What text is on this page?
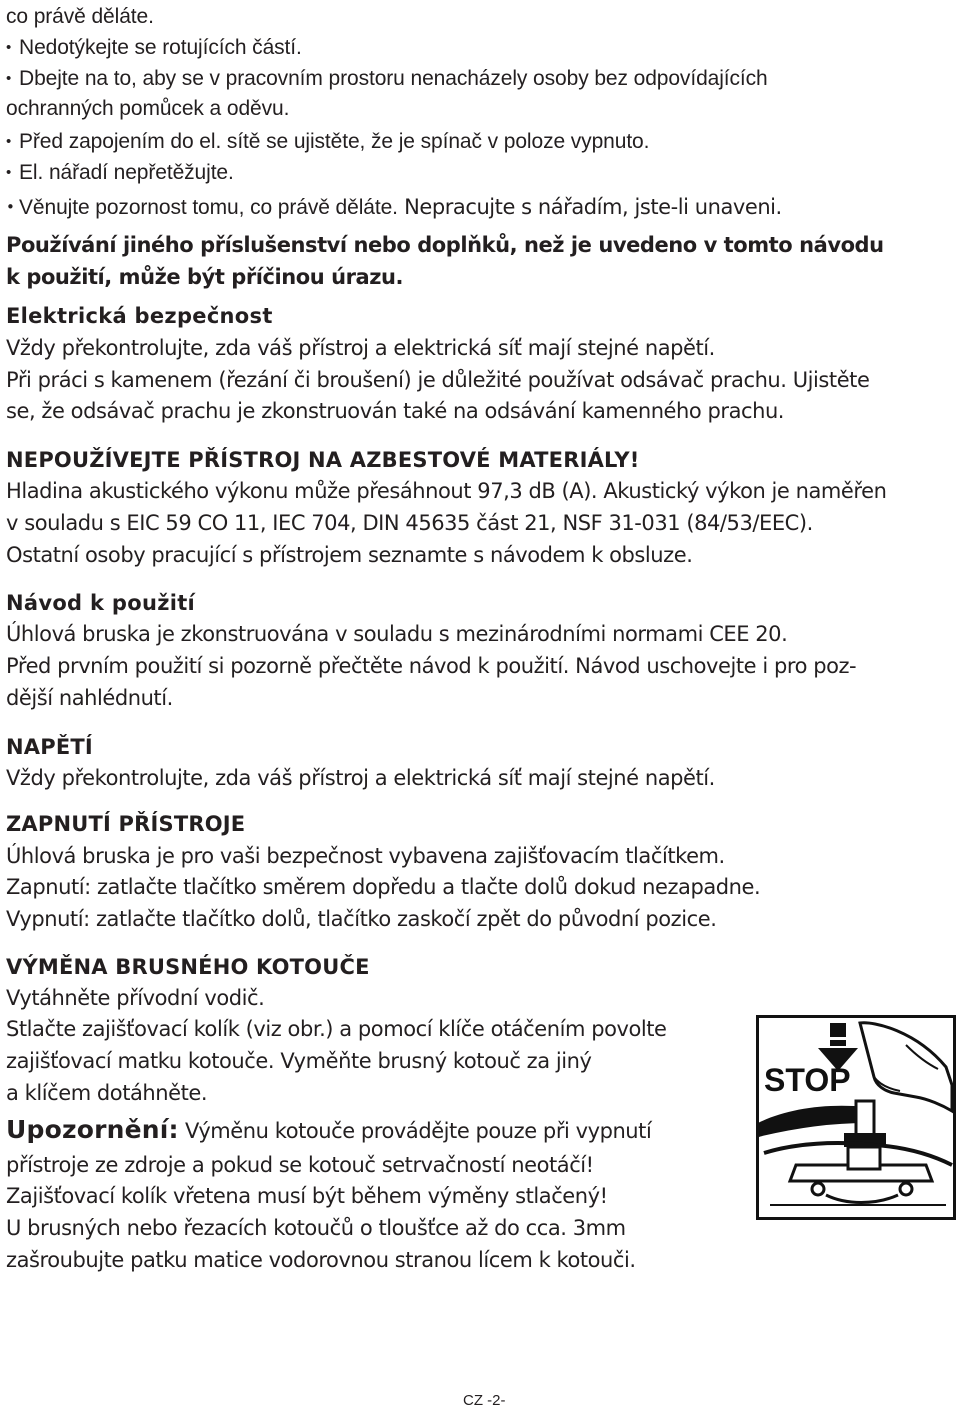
co právě děláte.
• Nedotýkejte se rotujících částí.
• Dbejte na to, aby se v pracovním prostoru nenacházely osoby bez odpovídajících
ochranných pomůcek a oděvu.
• Před zapojením do el. sítě se ujistěte, že je spínač v poloze vypnuto.
• El. nářadí nepřetěžujte.
• Věnujte pozornost tomu, co právě děláte. Nepracujte s nářadím, jste-li unaveni.
Používání jiného příslušenství nebo doplňků, než je uvedeno v tomto návodu
k použití, může být příčinou úrazu.
Elektrická bezpečnost
Vždy překontrolujte, zda váš přístroj a elektrická síť mají stejné napětí.
Při práci s kamenem (řezání či broušení) je důležité používat odsávač prachu. Ujistěte
se, že odsávač prachu je zkonstruován také na odsávání kamenného prachu.
NEPOUŽÍVEJTE PŘÍSTROJ NA AZBESTOVÉ MATERIÁLY!
Hladina akustického výkonu může přesáhnout 97,3 dB (A). Akustický výkon je naměřen
v souladu s EIC 59 CO 11, IEC 704, DIN 45635 část 21, NSF 31-031 (84/53/EEC).
Ostatní osoby pracující s přístrojem seznamte s návodem k obsluze.
Návod k použití
Úhlová bruska je zkonstruována v souladu s mezinárodními normami CEE 20.
Před prvním použití si pozorně přečtěte návod k použití. Návod uschovejte i pro poz-
dější nahlédnutí.
NAPĚTÍ
Vždy překontrolujte, zda váš přístroj a elektrická síť mají stejné napětí.
ZAPNUTÍ PŘÍSTROJE
Úhlová bruska je pro vaši bezpečnost vybavena zajišťovacím tlačítkem.
Zapnutí: zatlačte tlačítko směrem dopředu a tlačte dolů dokud nezapadne.
Vypnutí: zatlačte tlačítko dolů, tlačítko zaskočí zpět do původní pozice.
VÝMĚNA BRUSNÉHO KOTOUČE
Vytáhněte přívodní vodič.
Stlačte zajišťovací kolík (viz obr.) a pomocí klíče otáčením povolte
zajišťovací matku kotouče. Vyměňte brusný kotouč za jiný
a klíčem dotáhněte.
Upozornění: Výměnu kotouče provádějte pouze při vypnutí
přístroje ze zdroje a pokud se kotouč setrvačností neotáčí!
Zajišťovací kolík vřetena musí být během výměny stlačený!
U brusných nebo řezacích kotoučů o tloušťce až do cca. 3mm
zašroubujte patku matice vodorovnou stranou lícem k kotouči.
STOP
CZ -2-
